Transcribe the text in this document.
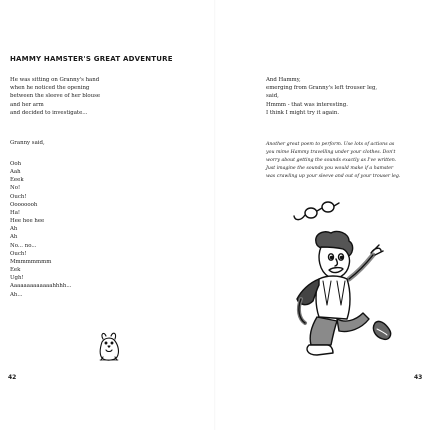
HAMMY HAMSTER'S GREAT ADVENTURE
He was sitting on Granny's hand
when he noticed the opening
between the sleeve of her blouse
and her arm
and decided to investigate...
Granny said,
Ooh
Aah
Eeek
No!
Ouch!
Oooooooh
Ha!
Hee hee hee
Ah
Ah
No... no...
Ouch!
Mmmmmmmm
Eek
Ugh!
Aaaaaaaaaaaaahhhh...
Ah...
42
And Hammy,
emerging from Granny's left trouser leg,
said,
Hmmm - that was interesting.
I think I might try it again.

Another great poem to perform. Use lots of actions as
you mime Hammy travelling under your clothes. Don't
worry about getting the sounds exactly as I've written.
Just imagine the sounds you would make if a hamster
was crawling up your sleeve and out of your trouser leg.

43
